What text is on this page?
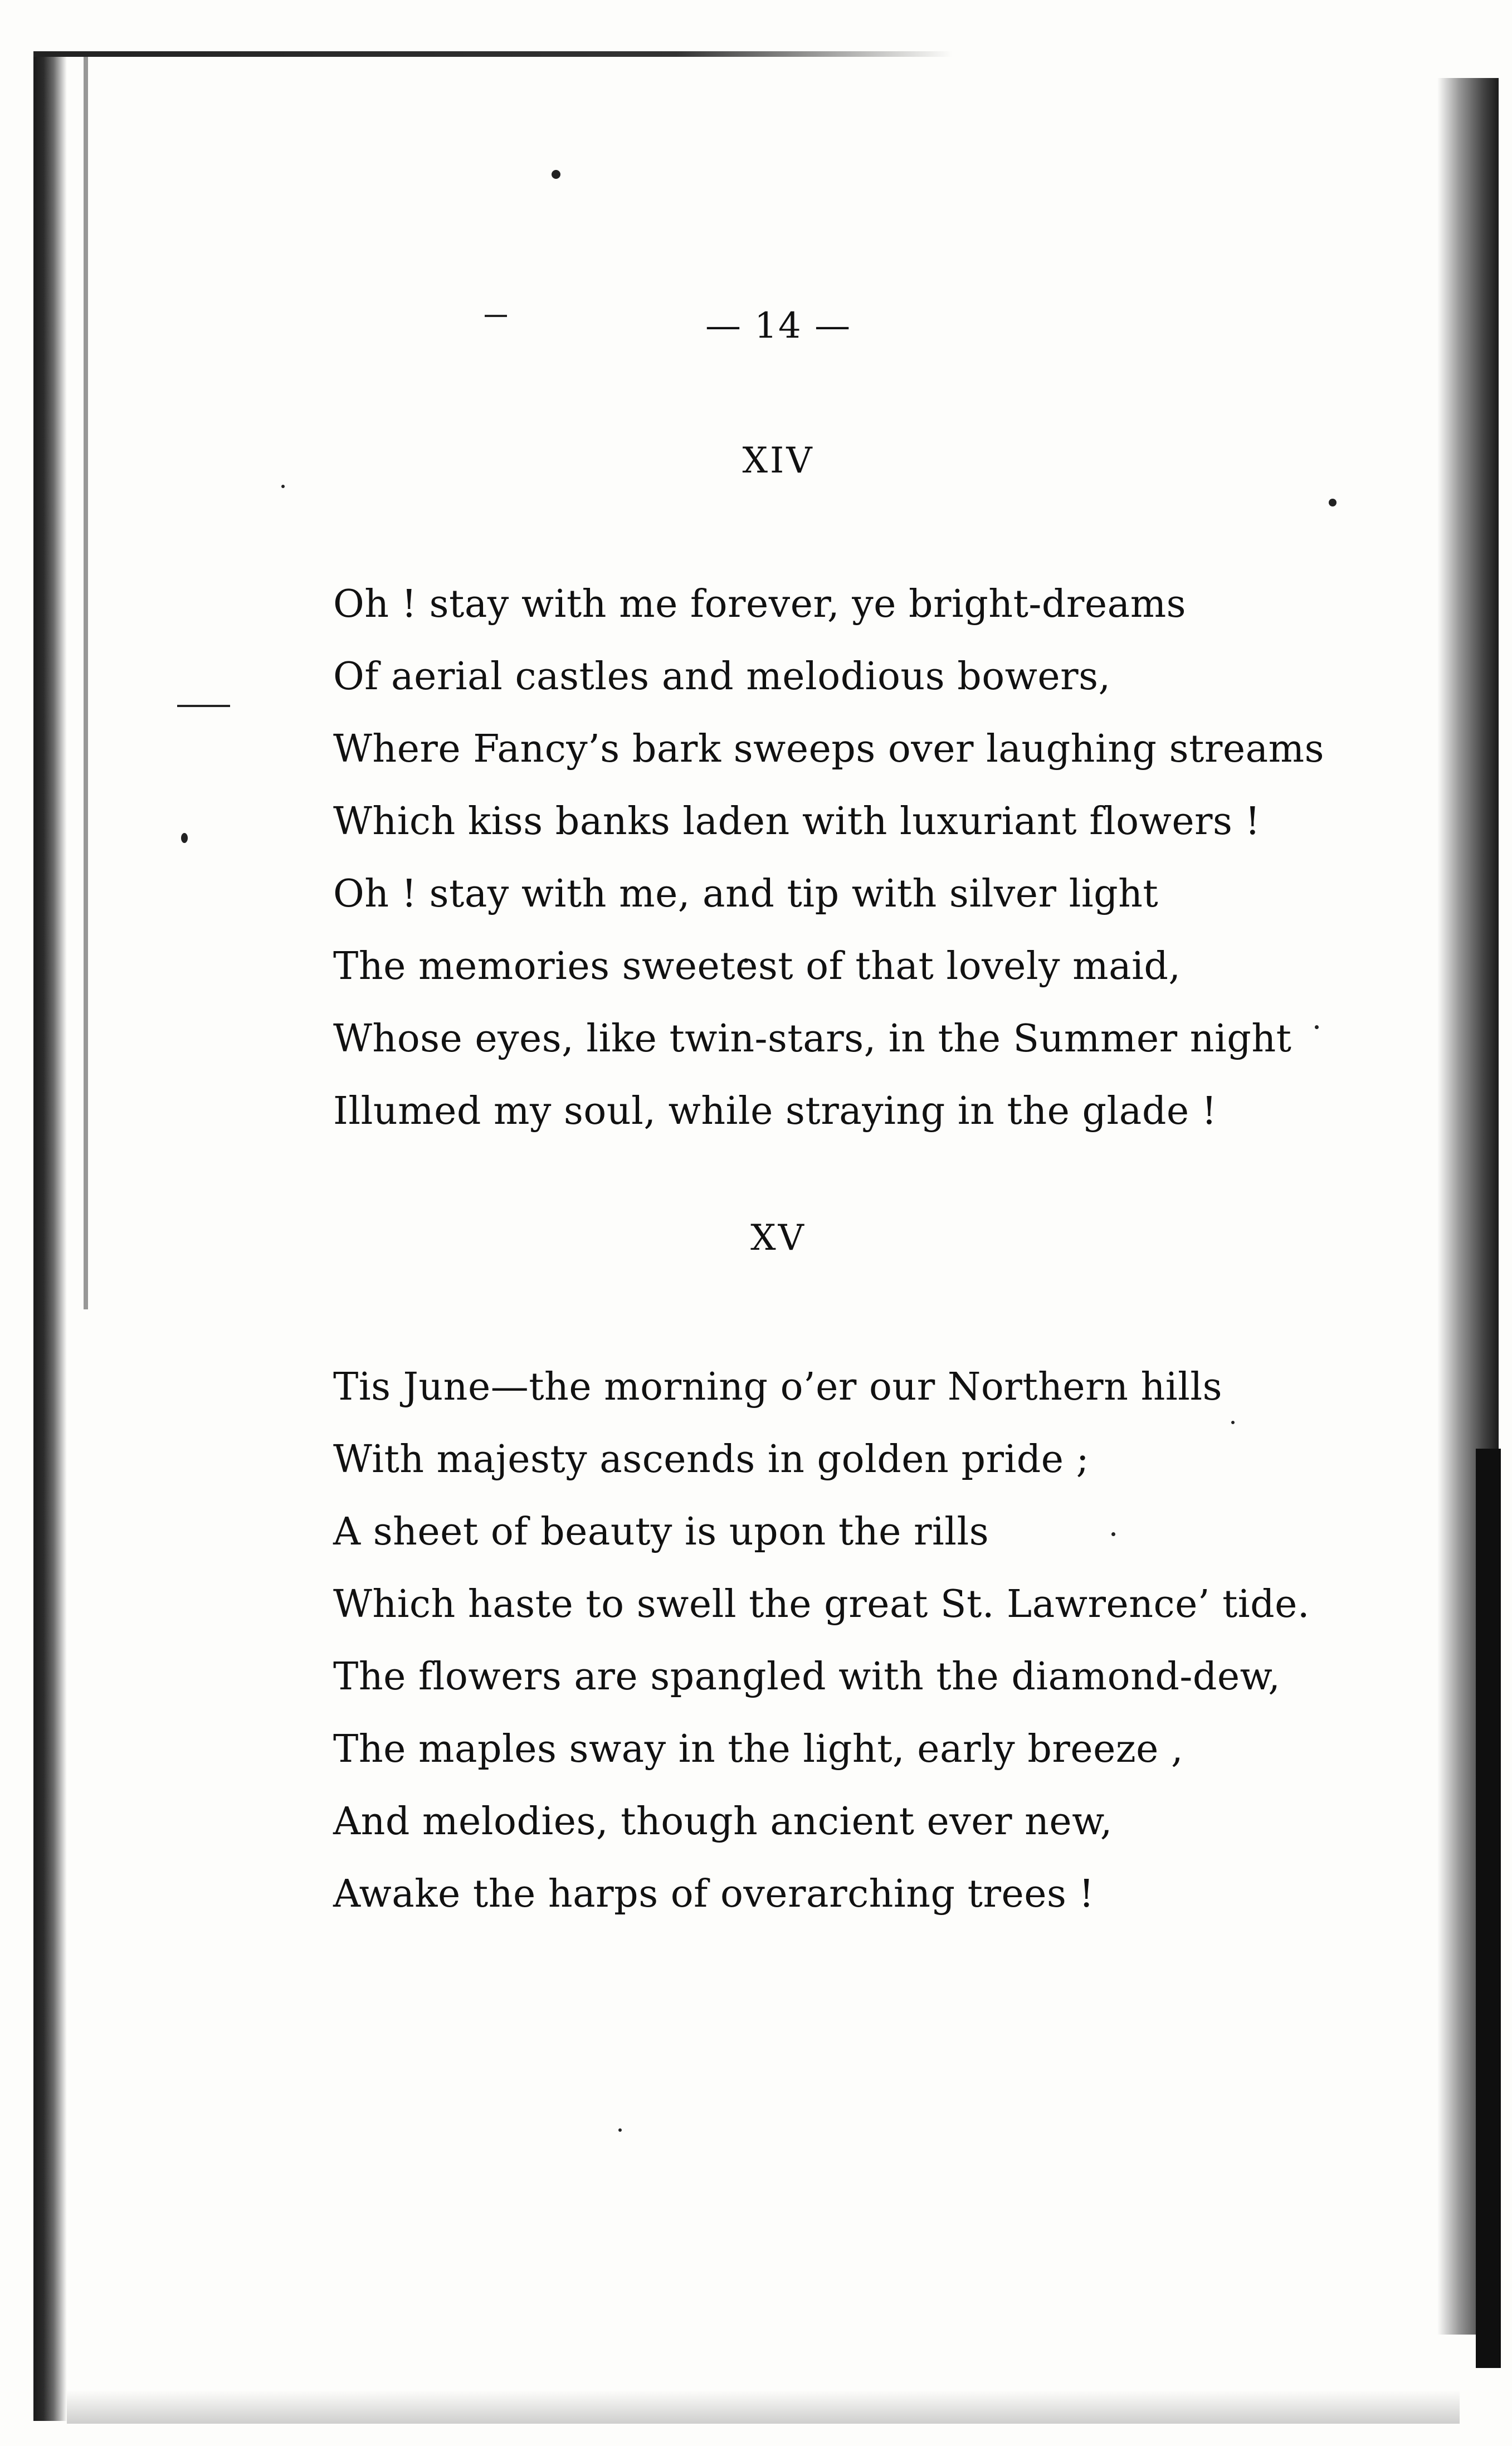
— 14 —
XIV
Oh ! stay with me forever, ye bright-dreams
Of aerial castles and melodious bowers,
Where Fancy’s bark sweeps over laughing streams
Which kiss banks laden with luxuriant flowers !
Oh ! stay with me, and tip with silver light
The memories sweetest of that lovely maid,
Whose eyes, like twin-stars, in the Summer night
Illumed my soul, while straying in the glade !
XV
Tis June—the morning o’er our Northern hills
With majesty ascends in golden pride ;
A sheet of beauty is upon the rills
Which haste to swell the great St. Lawrence’ tide.
The flowers are spangled with the diamond-dew,
The maples sway in the light, early breeze ,
And melodies, though ancient ever new,
Awake the harps of overarching trees !
